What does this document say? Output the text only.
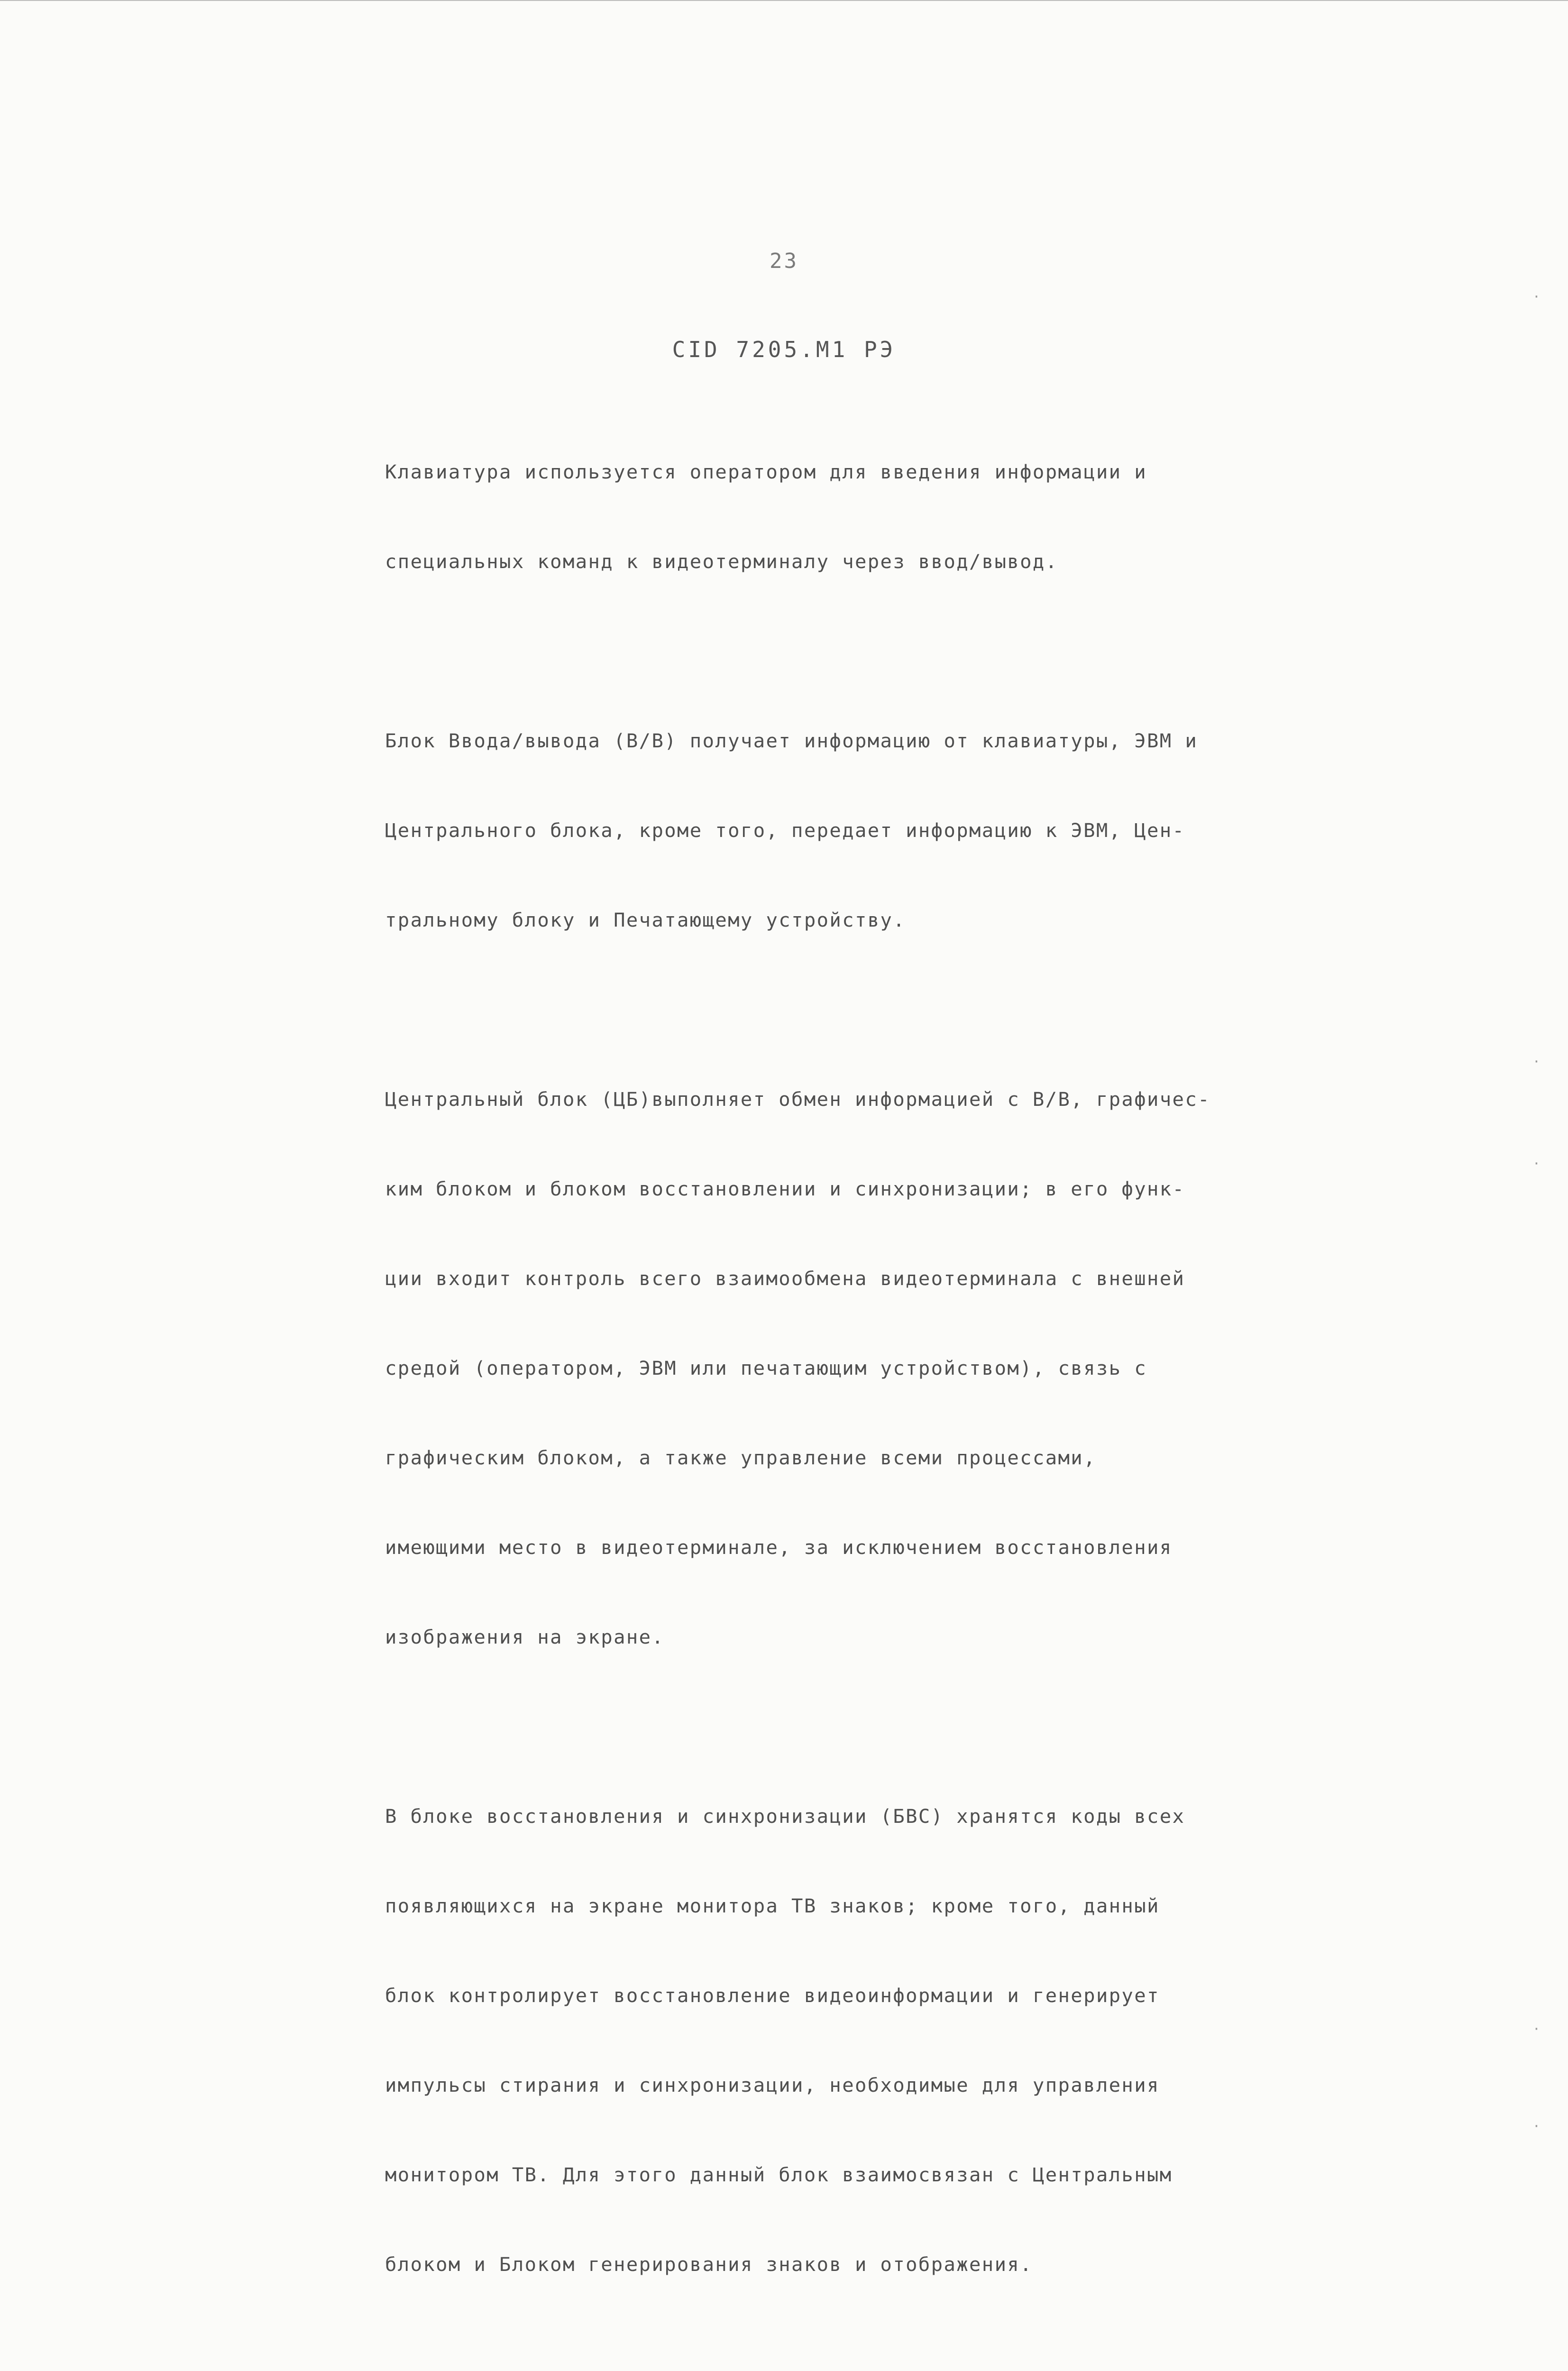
23
CID 7205.M1 РЭ

Клавиатура используется оператором для введения информации и

специальных команд к видеотерминалу через ввод/вывод.

Блок Ввода/вывода (В/В) получает информацию от клавиатуры, ЭВМ и

Центрального блока, кроме того, передает информацию к ЭВМ, Цен-

тральному блоку и Печатающему устройству.

Центральный блок (ЦБ)выполняет обмен информацией с В/В, графичес-

ким блоком и блоком восстановлении и синхронизации; в его функ-

ции входит контроль всего взаимообмена видеотерминала с внешней

средой (оператором, ЭВМ или печатающим устройством), связь с

графическим блоком, а также управление всеми процессами,

имеющими место в видеотерминале, за исключением восстановления

изображения на экране.

В блоке восстановления и синхронизации (БВС) хранятся коды всех

появляющихся на экране монитора ТВ знаков; кроме того, данный

блок контролирует восстановление видеоинформации и генерирует

импульсы стирания и синхронизации, необходимые для управления

монитором ТВ. Для этого данный блок взаимосвязан с Центральным

блоком и Блоком генерирования знаков и отображения.

·
·
·
·
·
